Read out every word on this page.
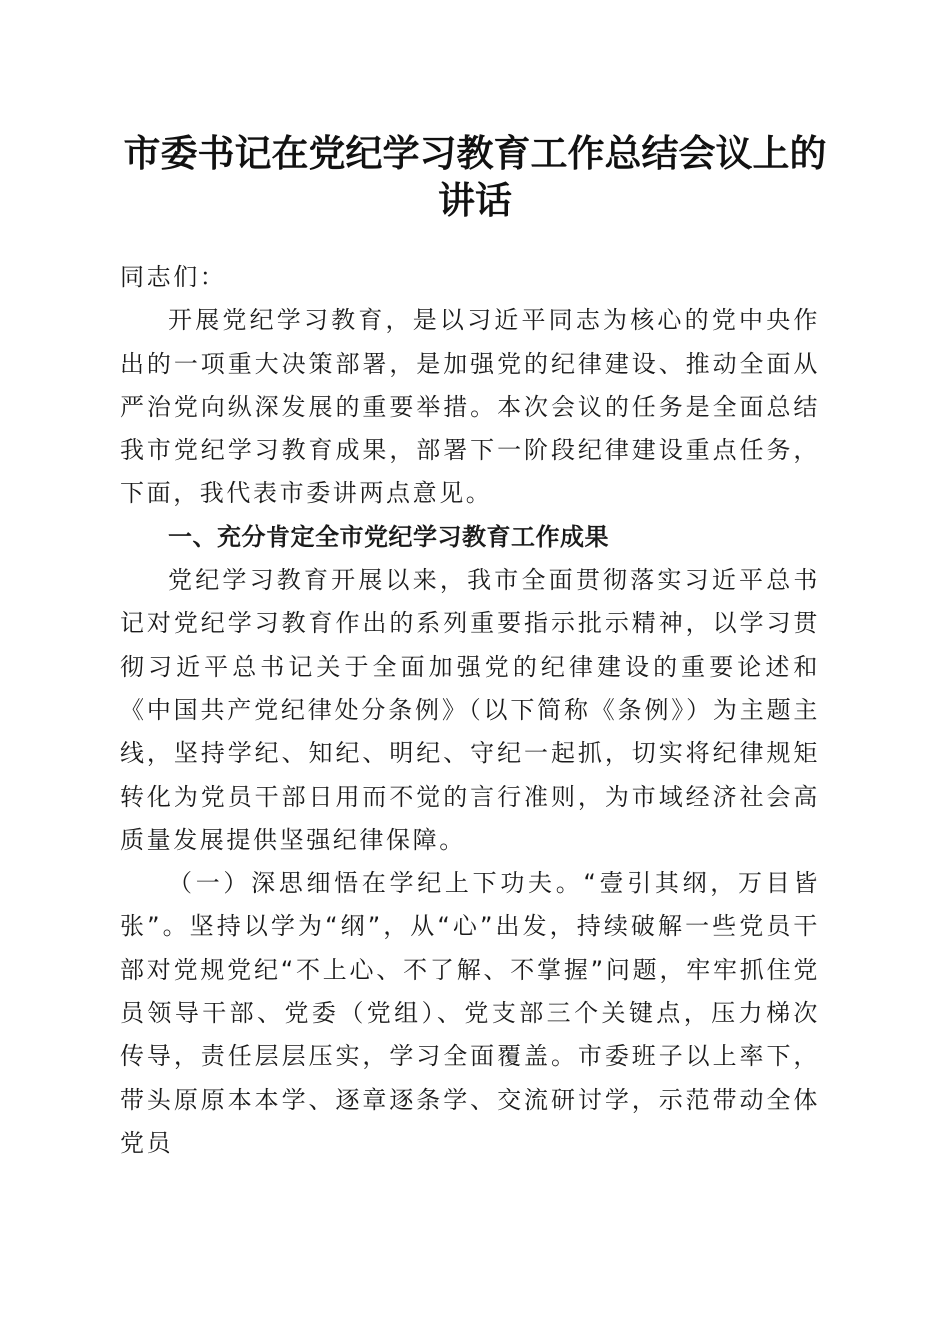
市委书记在党纪学习教育工作总结会议上的讲话

同志们：

开展党纪学习教育，是以习近平同志为核心的党中央作出的一项重大决策部署，是加强党的纪律建设、推动全面从严治党向纵深发展的重要举措。本次会议的任务是全面总结我市党纪学习教育成果，部署下一阶段纪律建设重点任务，下面，我代表市委讲两点意见。

一、充分肯定全市党纪学习教育工作成果

党纪学习教育开展以来，我市全面贯彻落实习近平总书记对党纪学习教育作出的系列重要指示批示精神，以学习贯彻习近平总书记关于全面加强党的纪律建设的重要论述和《中国共产党纪律处分条例》（以下简称《条例》）为主题主线，坚持学纪、知纪、明纪、守纪一起抓，切实将纪律规矩转化为党员干部日用而不觉的言行准则，为市域经济社会高质量发展提供坚强纪律保障。

（一）深思细悟在学纪上下功夫。“壹引其纲，万目皆张”。坚持以学为“纲”，从“心”出发，持续破解一些党员干部对党规党纪“不上心、不了解、不掌握”问题，牢牢抓住党员领导干部、党委（党组）、党支部三个关键点，压力梯次传导，责任层层压实，学习全面覆盖。市委班子以上率下，带头原原本本学、逐章逐条学、交流研讨学，示范带动全体党员
